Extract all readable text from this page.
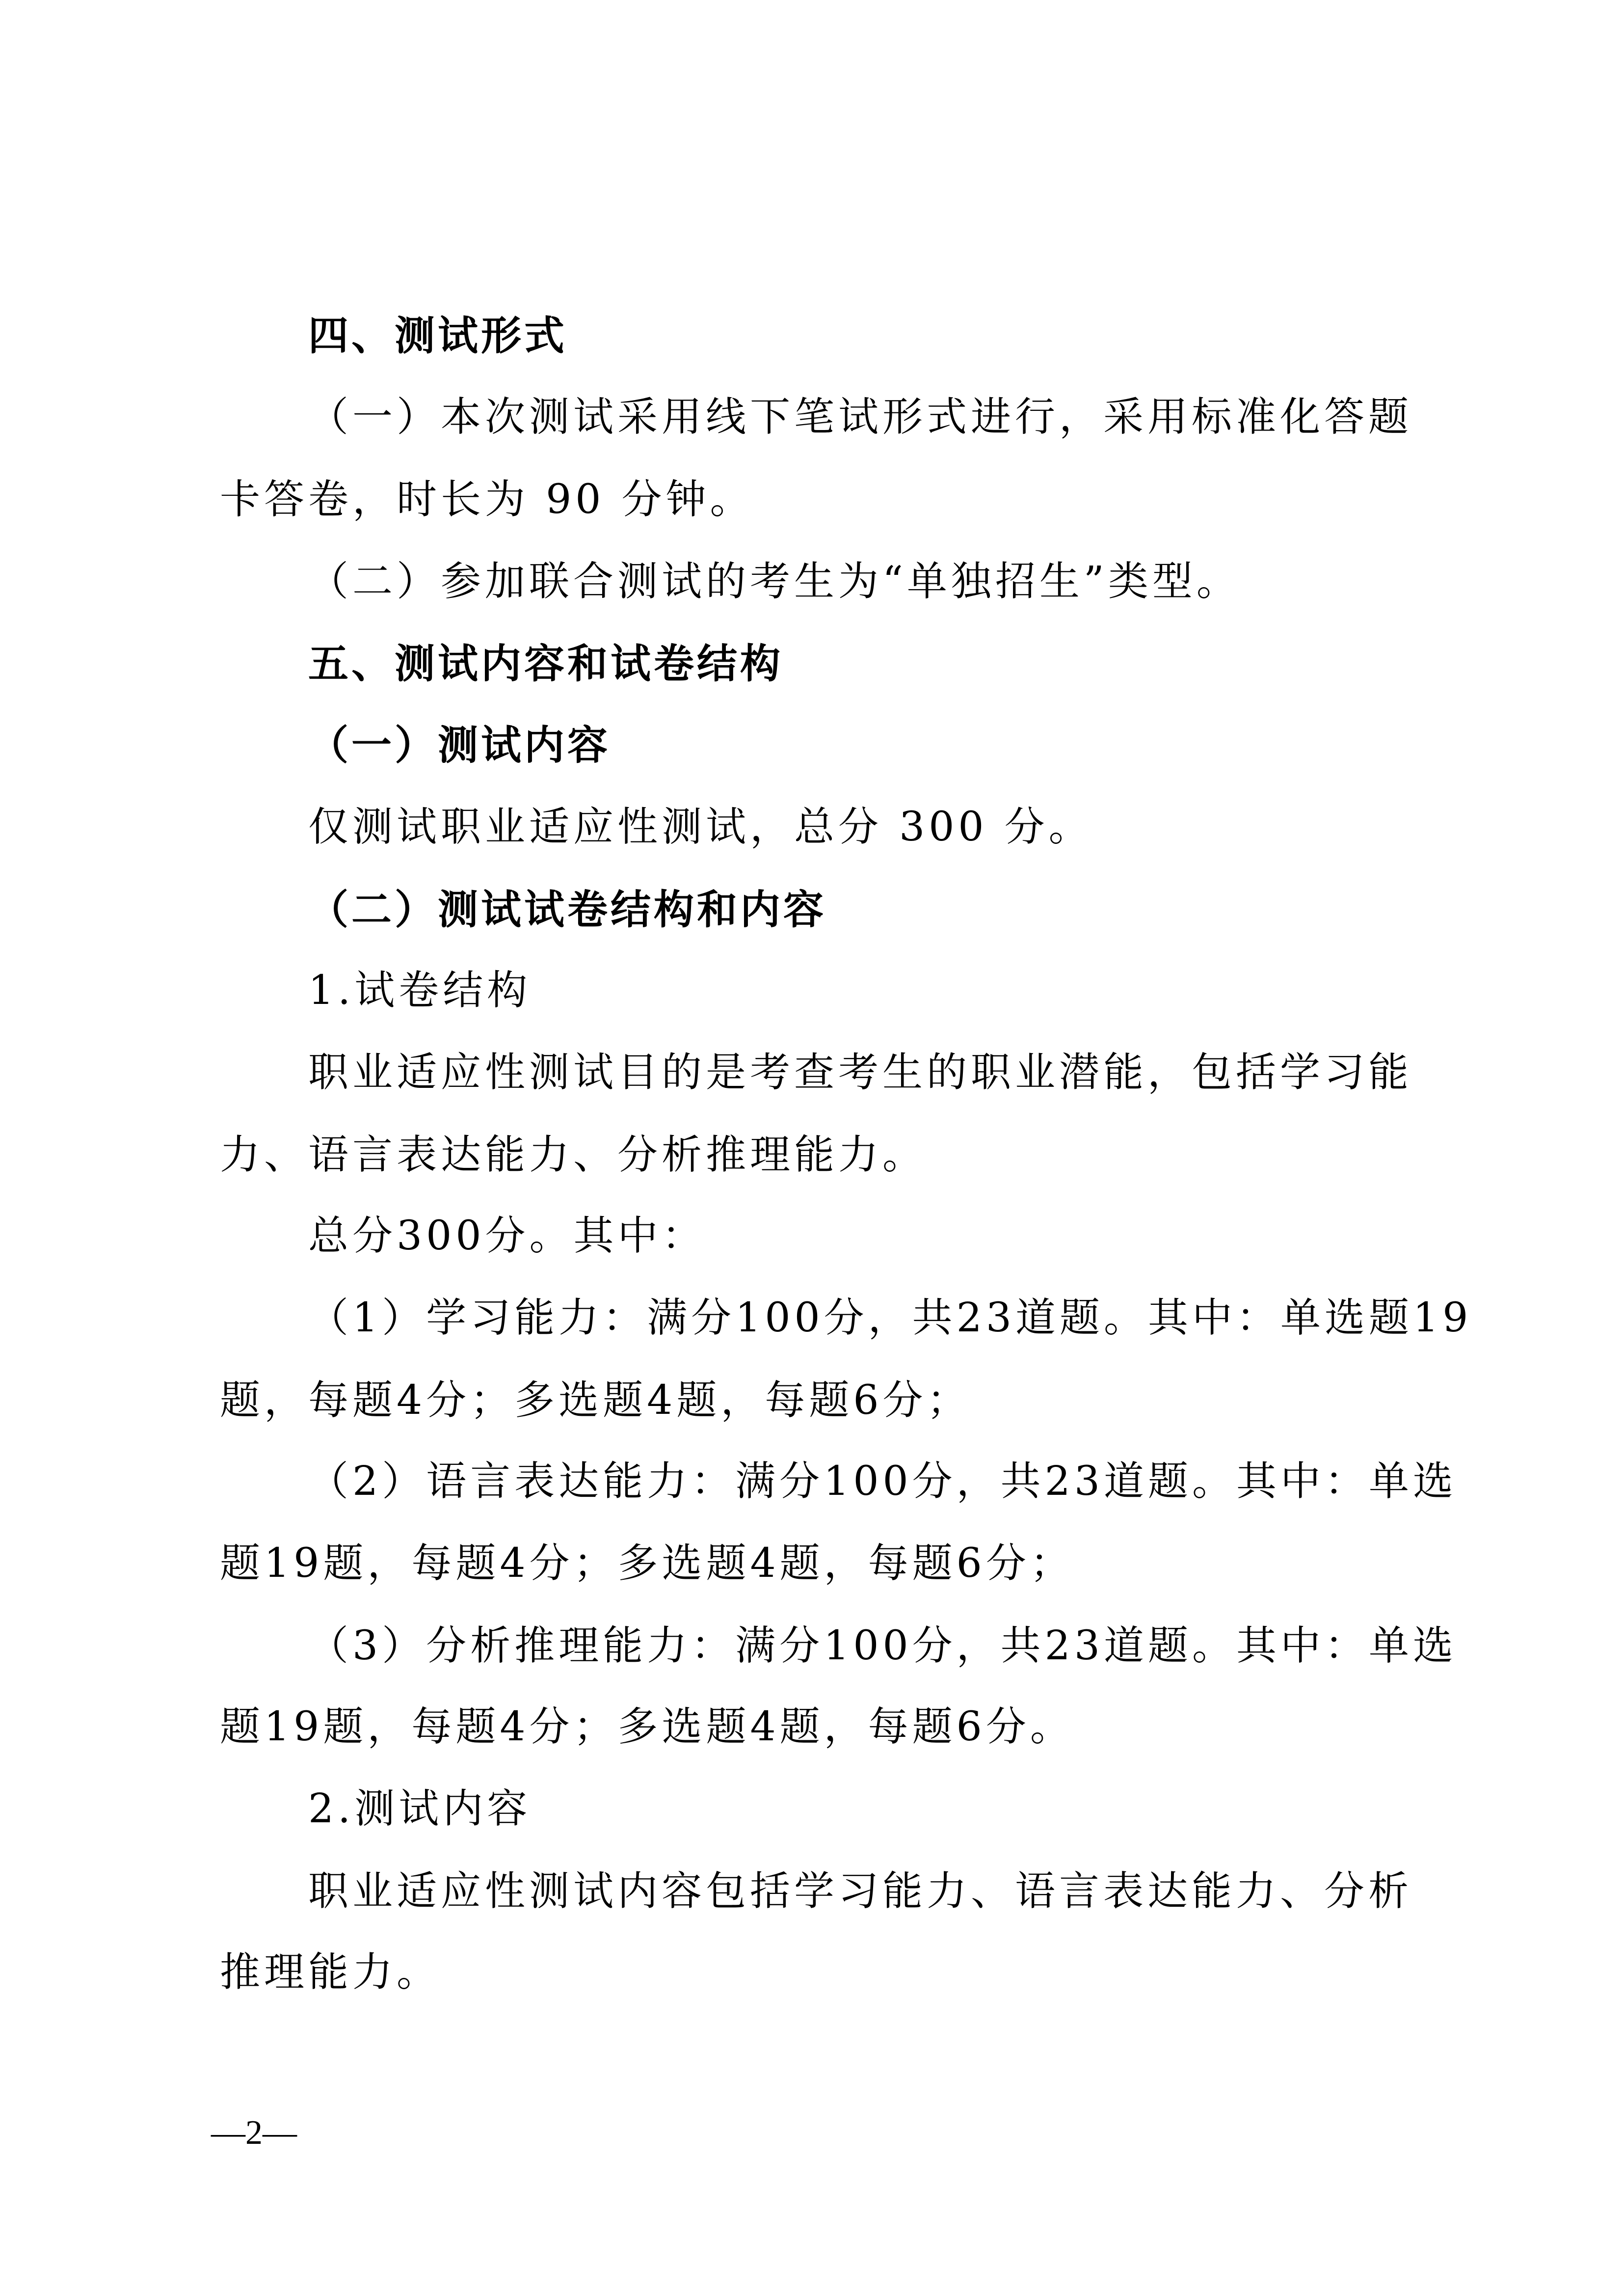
四、测试形式
（一）本次测试采用线下笔试形式进行，采用标准化答题
卡答卷，时长为 90 分钟。
（二）参加联合测试的考生为“单独招生”类型。
五、测试内容和试卷结构
（一）测试内容
仅测试职业适应性测试，总分 300 分。
（二）测试试卷结构和内容
1.试卷结构
职业适应性测试目的是考查考生的职业潜能，包括学习能
力、语言表达能力、分析推理能力。
总分300分。其中：
（1）学习能力：满分100分，共23道题。其中：单选题19
题，每题4分；多选题4题，每题6分；
（2）语言表达能力：满分100分，共23道题。其中：单选
题19题，每题4分；多选题4题，每题6分；
（3）分析推理能力：满分100分，共23道题。其中：单选
题19题，每题4分；多选题4题，每题6分。
2.测试内容
职业适应性测试内容包括学习能力、语言表达能力、分析
推理能力。
—2—
